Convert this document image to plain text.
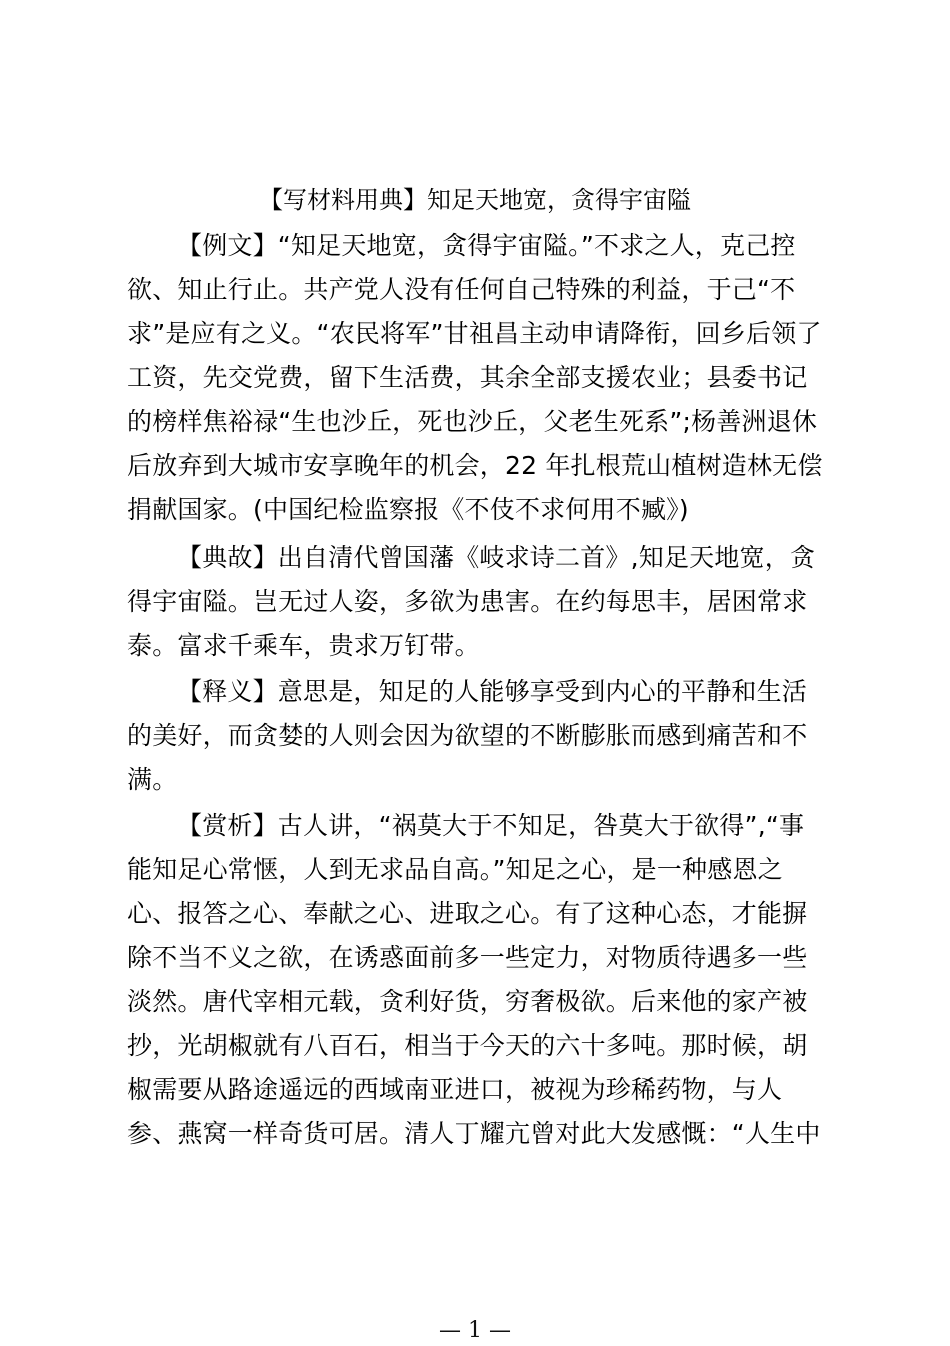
【写材料用典】知足天地宽，贪得宇宙隘
【例文】“知足天地宽，贪得宇宙隘。”不求之人，克己控
欲、知止行止。共产党人没有任何自己特殊的利益，于己“不
求”是应有之义。“农民将军”甘祖昌主动申请降衔，回乡后领了
工资，先交党费，留下生活费，其余全部支援农业；县委书记
的榜样焦裕禄“生也沙丘，死也沙丘，父老生死系”;杨善洲退休
后放弃到大城市安享晚年的机会，22 年扎根荒山植树造林无偿
捐献国家。(中国纪检监察报《不伎不求何用不臧》)
【典故】出自清代曾国藩《岐求诗二首》,知足天地宽，贪
得宇宙隘。岂无过人姿，多欲为患害。在约每思丰，居困常求
泰。富求千乘车，贵求万钉带。
【释义】意思是，知足的人能够享受到内心的平静和生活
的美好，而贪婪的人则会因为欲望的不断膨胀而感到痛苦和不
满。
【赏析】古人讲，“祸莫大于不知足，咎莫大于欲得”,“事
能知足心常惬，人到无求品自高。”知足之心，是一种感恩之
心、报答之心、奉献之心、进取之心。有了这种心态，才能摒
除不当不义之欲，在诱惑面前多一些定力，对物质待遇多一些
淡然。唐代宰相元载，贪利好货，穷奢极欲。后来他的家产被
抄，光胡椒就有八百石，相当于今天的六十多吨。那时候，胡
椒需要从路途遥远的西域南亚进口，被视为珍稀药物，与人
参、燕窝一样奇货可居。清人丁耀亢曾对此大发感慨：“人生中
— 1 —
